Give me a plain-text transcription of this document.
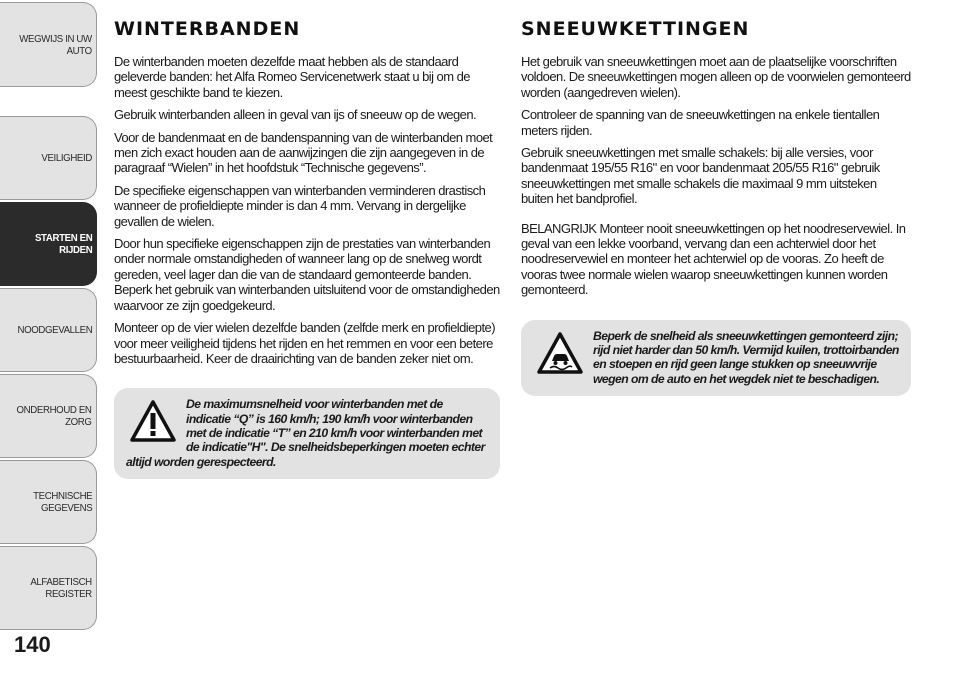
WEGWIJS IN UW
AUTO
VEILIGHEID
STARTEN EN
RIJDEN
NOODGEVALLEN
ONDERHOUD EN
ZORG
TECHNISCHE
GEGEVENS
ALFABETISCH
REGISTER
140
WINTERBANDEN

De winterbanden moeten dezelfde maat hebben als de standaard geleverde banden: het Alfa Romeo Servicenetwerk staat u bij om de meest geschikte band te kiezen.

Gebruik winterbanden alleen in geval van ijs of sneeuw op de wegen.

Voor de bandenmaat en de bandenspanning van de winterbanden moet men zich exact houden aan de aanwijzingen die zijn aangegeven in de paragraaf “Wielen” in het hoofdstuk “Technische gegevens”.

De specifieke eigenschappen van winterbanden verminderen drastisch wanneer de profieldiepte minder is dan 4 mm. Vervang in dergelijke gevallen de wielen.

Door hun specifieke eigenschappen zijn de prestaties van winterbanden onder normale omstandigheden of wanneer lang op de snelweg wordt gereden, veel lager dan die van de standaard gemonteerde banden. Beperk het gebruik van winterbanden uitsluitend voor de omstandigheden waarvoor ze zijn goedgekeurd.

Monteer op de vier wielen dezelfde banden (zelfde merk en profieldiepte) voor meer veiligheid tijdens het rijden en het remmen en voor een betere bestuurbaarheid. Keer de draairichting van de banden zeker niet om.

De maximumsnelheid voor winterbanden met de indicatie “Q” is 160 km/h; 190 km/h voor winterbanden met de indicatie “T” en 210 km/h voor winterbanden met de indicatie"H". De snelheidsbeperkingen moeten echter altijd worden gerespecteerd.

SNEEUWKETTINGEN

Het gebruik van sneeuwkettingen moet aan de plaatselijke voorschriften voldoen. De sneeuwkettingen mogen alleen op de voorwielen gemonteerd worden (aangedreven wielen).

Controleer de spanning van de sneeuwkettingen na enkele tientallen meters rijden.

Gebruik sneeuwkettingen met smalle schakels: bij alle versies, voor bandenmaat 195/55 R16" en voor bandenmaat 205/55 R16" gebruik sneeuwkettingen met smalle schakels die maximaal 9 mm uitsteken buiten het bandprofiel.

BELANGRIJK Monteer nooit sneeuwkettingen op het noodreservewiel. In geval van een lekke voorband, vervang dan een achterwiel door het noodreservewiel en monteer het achterwiel op de vooras. Zo heeft de vooras twee normale wielen waarop sneeuwkettingen kunnen worden gemonteerd.

Beperk de snelheid als sneeuwkettingen gemonteerd zijn; rijd niet harder dan 50 km/h. Vermijd kuilen, trottoirbanden en stoepen en rijd geen lange stukken op sneeuwvrije wegen om de auto en het wegdek niet te beschadigen.
